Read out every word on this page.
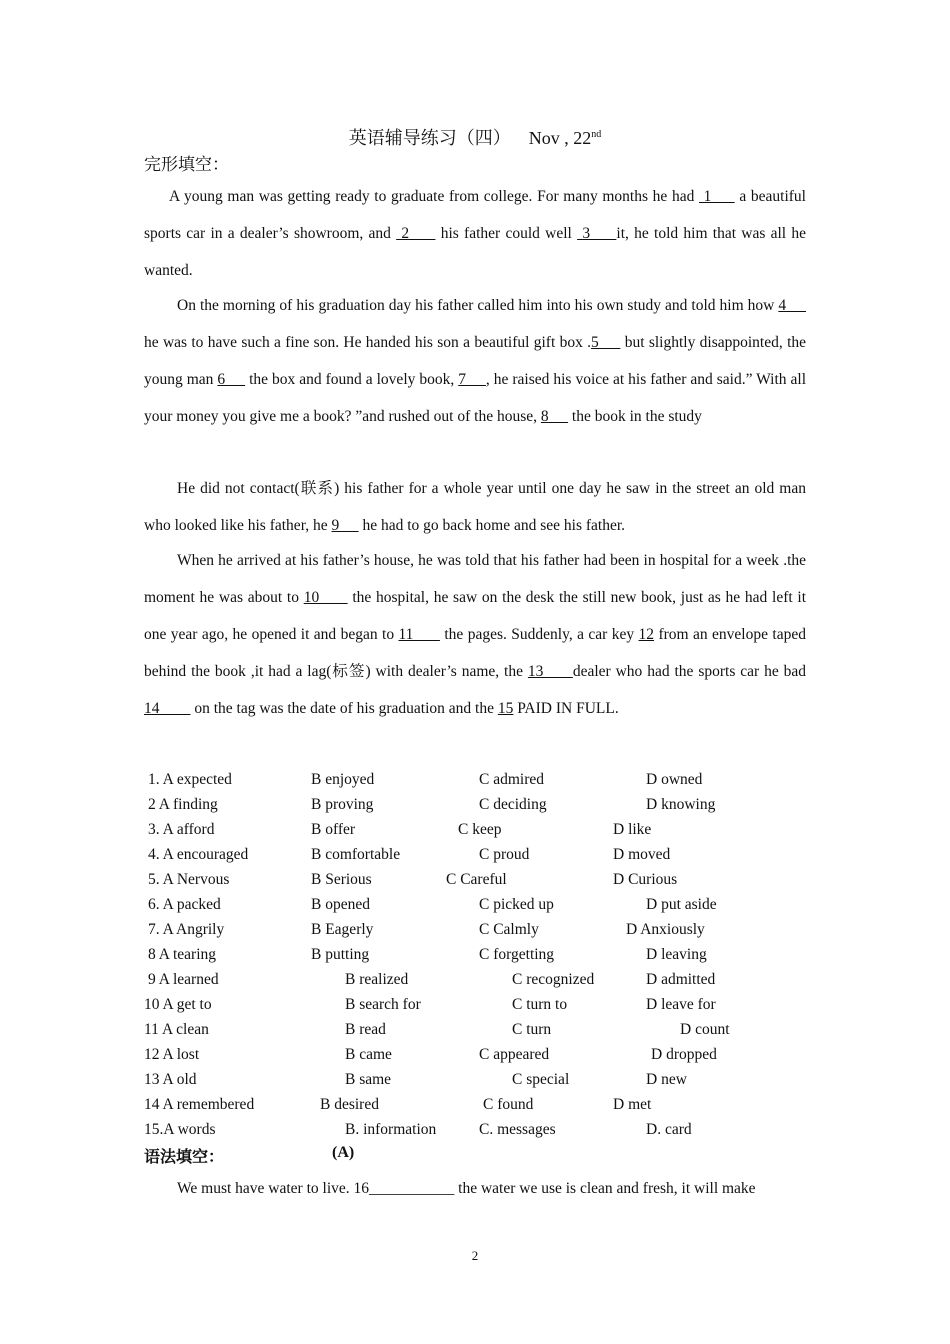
英语辅导练习（四） Nov , 22nd
完形填空：
A young man was getting ready to graduate from college. For many months he had  1      a beautiful sports car in a dealer’s showroom, and  2      his father could well  3     it, he told him that was all he wanted.
On the morning of his graduation day his father called him into his own study and told him how 4      he was to have such a fine son. He handed his son a beautiful gift box .5      but slightly disappointed, the young man 6      the box and found a lovely book, 7     , he raised his voice at his father and said.” With all your money you give me a book? ”and rushed out of the house, 8      the book in the study
He did not contact(联系) his father for a whole year until one day he saw in the street an old man who looked like his father, he 9      he had to go back home and see his father.
When he arrived at his father’s house, he was told that his father had been in hospital for a week .the moment he was about to 10       the hospital, he saw on the desk the still new book, just as he had left it one year ago, he opened it and began to 11       the pages. Suddenly, a car key 12 from an envelope taped behind the book ,it had a lag(标签) with dealer’s name, the 13      dealer who had the sports car he bad 14         on the tag was the date of his graduation and the 15 PAID IN FULL.
1. A expected	B enjoyed	C admired	D owned
2 A finding	B proving	C deciding	D knowing
3. A afford	B offer	C keep	D like
4. A encouraged	B comfortable	C proud	D moved
5. A Nervous	B Serious	C Careful	D Curious
6. A packed	B opened	C picked up	D put aside
7. A Angrily	B Eagerly	C Calmly	D Anxiously
8 A tearing	B putting	C forgetting	D leaving
9 A learned	B realized	C recognized	D admitted
10 A get to	B search for	C turn to	D leave for
11 A clean	B read	C turn	D count
12 A lost	B came	C appeared	D dropped
13 A old	B same	C special	D new
14 A remembered	B desired	C found	D met
15.A words	B. information	C. messages	D. card
语法填空：	(A)
We must have water to live. 16___________ the water we use is clean and fresh, it will make
2
